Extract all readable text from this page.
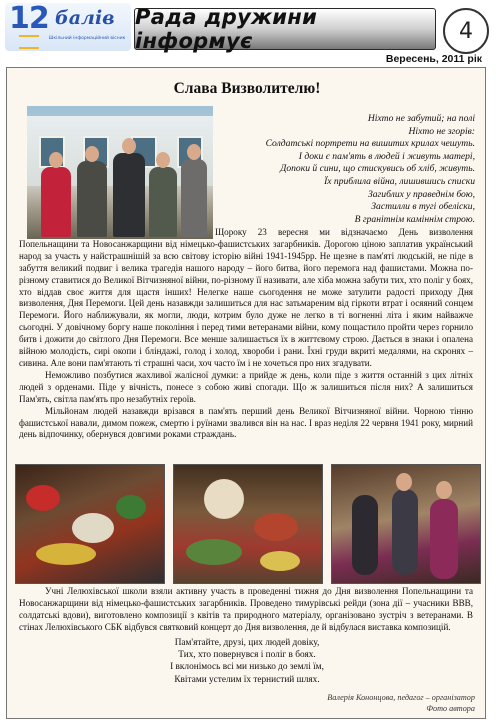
12 балів
Шкільний інформаційний вісник
Рада дружини інформує	4
Вересень, 2011 рік
Слава Визволителю!
Ніхто не забутий; на полі
Ніхто не згорів:
Солдатські портрети на вишитих крилах чешуть.
І доки є пам'ять в людей і живуть матері,
Допоки й сини, що стискувись об хліб, живуть.
Їх приблила війна, лишившись списки
Загиблих у праведнім бою,
Застилли в тугі обеліски,
В гранітнім каміннім строю.

Щороку 23 вересня ми відзначаємо День визволення Попельнащини та Новосанжарщини від німецько-фашистських загарбників. Дорогою ціною заплатив український народ за участь у найстрашнішій за всю світову історію війні 1941-1945рр. Не щезне в пам'яті людській, не піде в забуття великий подвиг і велика трагедія нашого народу – його битва, його перемога над фашистами. Можна по-різному ставитися до Великої Вітчизняної війни, по-різному її називати, але хіба можна забути тих, хто поліг у боях, хто віддав своє життя для щастя інших! Нелегке наше сьогодення не може затулити радості приходу Дня визволення, Дня Перемоги. Цей день назавжди залишиться для нас затьмареним від гіркоти втрат і осяяний сонцем Перемоги. Його наближували, як могли, люди, котрим було дуже не легко в ті вогненні літа і яким найважче сьогодні. У довічному боргу наше покоління і перед тими ветеранами війни, кому пощастило пройти через горнило битв і дожити до світлого Дня Перемоги. Все менше залишається їх в життєвому строю. Дається в знаки і опалена війною молодість, сирі окопи і бліндажі, голод і холод, хвороби і рани. Їхні груди вкриті медалями, на скронях – сивина. Але вони пам'ятають ті страшні часи, хоч часто їм і не хочеться про них згадувати.

Неможливо позбутися жахливої жалісної думки: а прийде ж день, коли піде з життя останній з цих літніх людей з орденами. Піде у вічність, понесе з собою живі спогади. Що ж залишиться після них? А залишиться Пам'ять, світла пам'ять про незабутніх героїв.

Мільйонам людей назавжди врізався в пам'ять перший день Великої Вітчизняної війни. Чорною тінню фашистської навали, димом пожеж, смертю і руїнами звалився він на нас. І враз неділя 22 червня 1941 року, мирний день відпочинку, обернувся довгими роками страждань.

Учні Лелюхівської школи взяли активну участь в проведенні тижня до Дня визволення Попельнащини та Новосанжарщини від німецько-фашистських загарбників. Проведено тимурівські рейди (зона дії – учасники ВВВ, солдатські вдови), виготовлено композиції з квітів та природного матеріалу, організовано зустріч з ветеранами. В стінах Лелюхівського СБК відбувся святковий концерт до Дня визволення, де й відбулася виставка композицій.

Пам'ятайте, друзі, цих людей довіку,
Тих, хто повернувся і поліг в боях.
І вклонімось всі ми низько до землі їм,
Квітами устелим їх тернистий шлях.
Валерія Кононцова, педагог – організатор
Фото автора
